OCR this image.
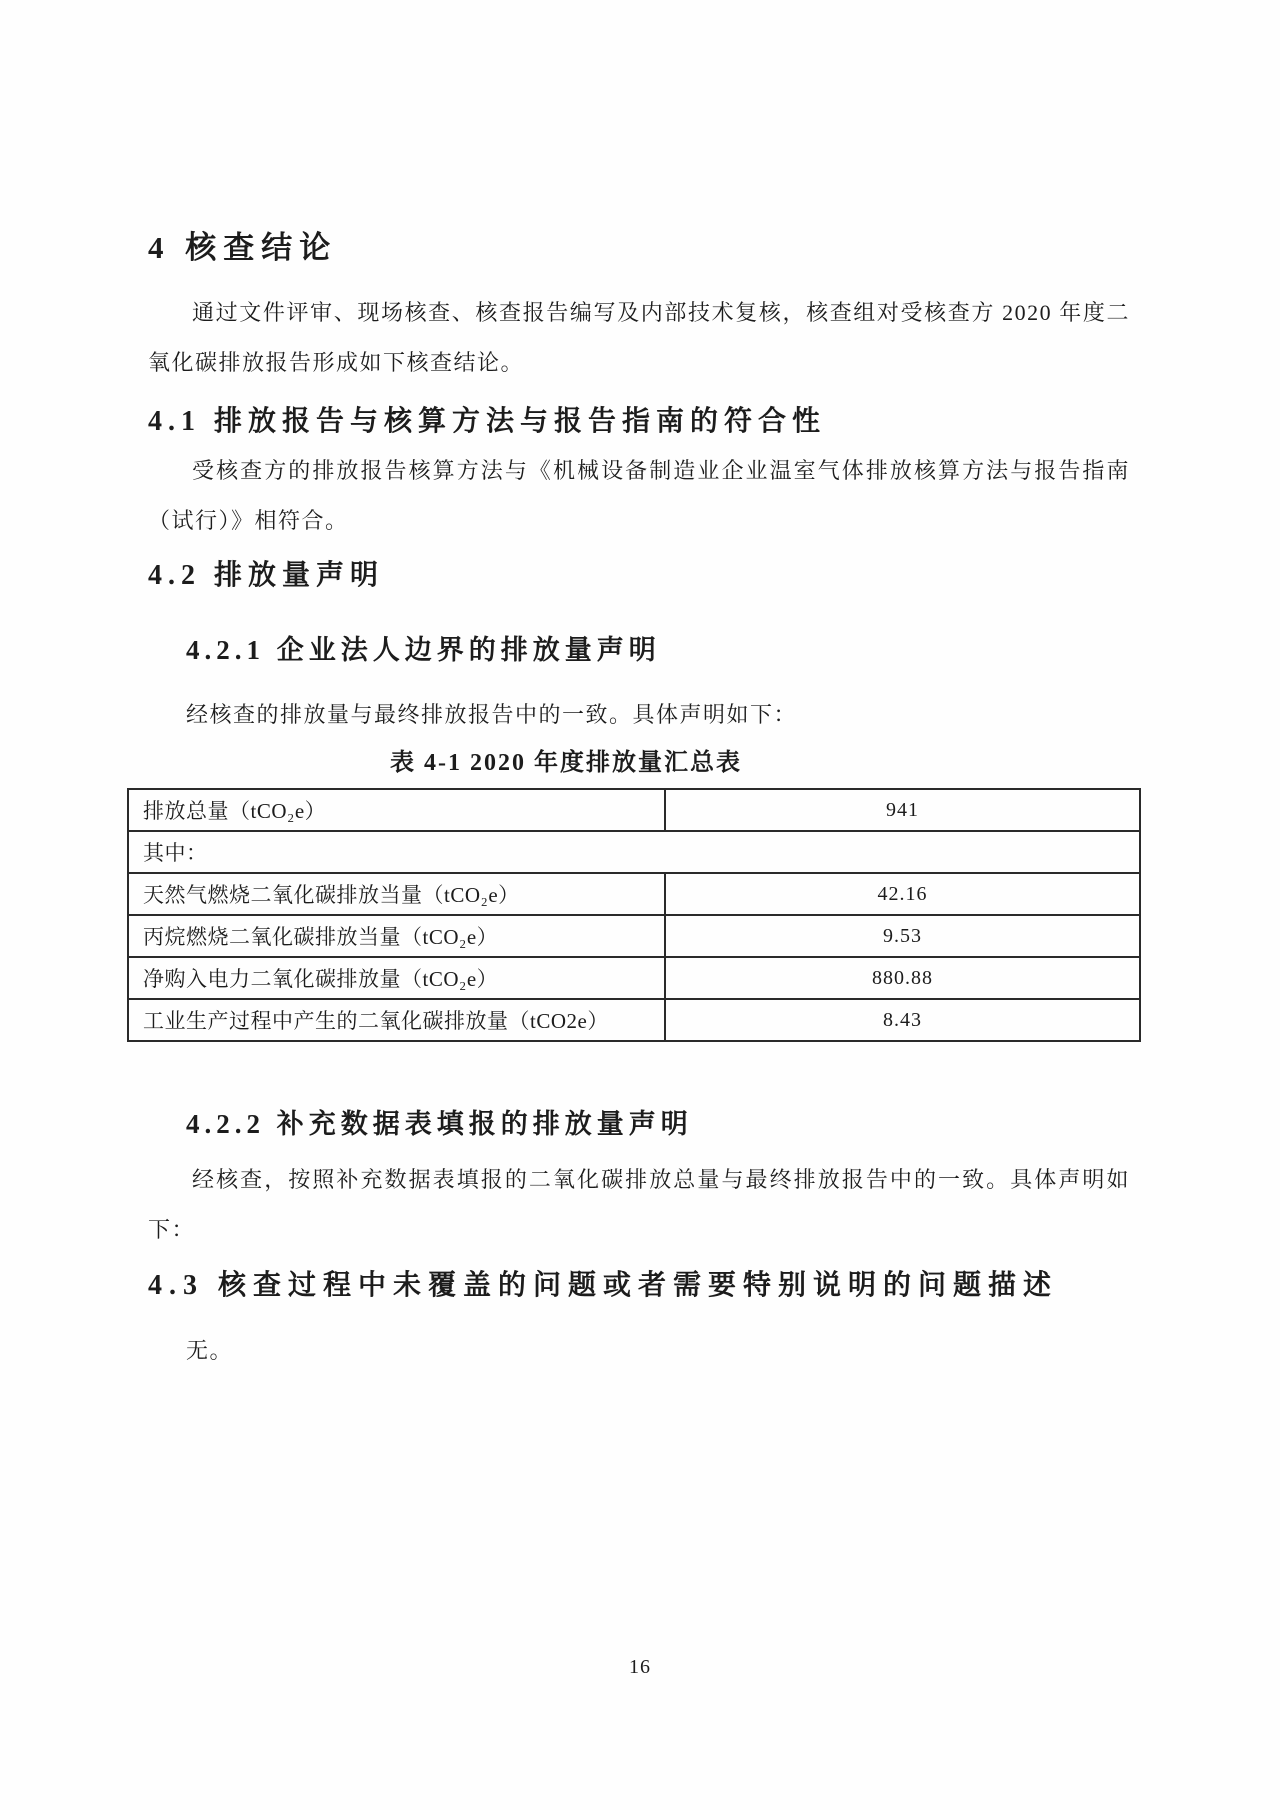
4 核查结论
通过文件评审、现场核查、核查报告编写及内部技术复核，核查组对受核查方 2020 年度二氧化碳排放报告形成如下核查结论。
4.1 排放报告与核算方法与报告指南的符合性
受核查方的排放报告核算方法与《机械设备制造业企业温室气体排放核算方法与报告指南（试行）》相符合。
4.2 排放量声明
4.2.1 企业法人边界的排放量声明
经核查的排放量与最终排放报告中的一致。具体声明如下：
表 4-1 2020 年度排放量汇总表
排放总量（tCO₂e）	941
其中：	
天然气燃烧二氧化碳排放当量（tCO₂e）	42.16
丙烷燃烧二氧化碳排放当量（tCO₂e）	9.53
净购入电力二氧化碳排放量（tCO₂e）	880.88
工业生产过程中产生的二氧化碳排放量（tCO2e）	8.43
4.2.2 补充数据表填报的排放量声明
经核查，按照补充数据表填报的二氧化碳排放总量与最终排放报告中的一致。具体声明如下：
4.3 核查过程中未覆盖的问题或者需要特别说明的问题描述
无。
16
